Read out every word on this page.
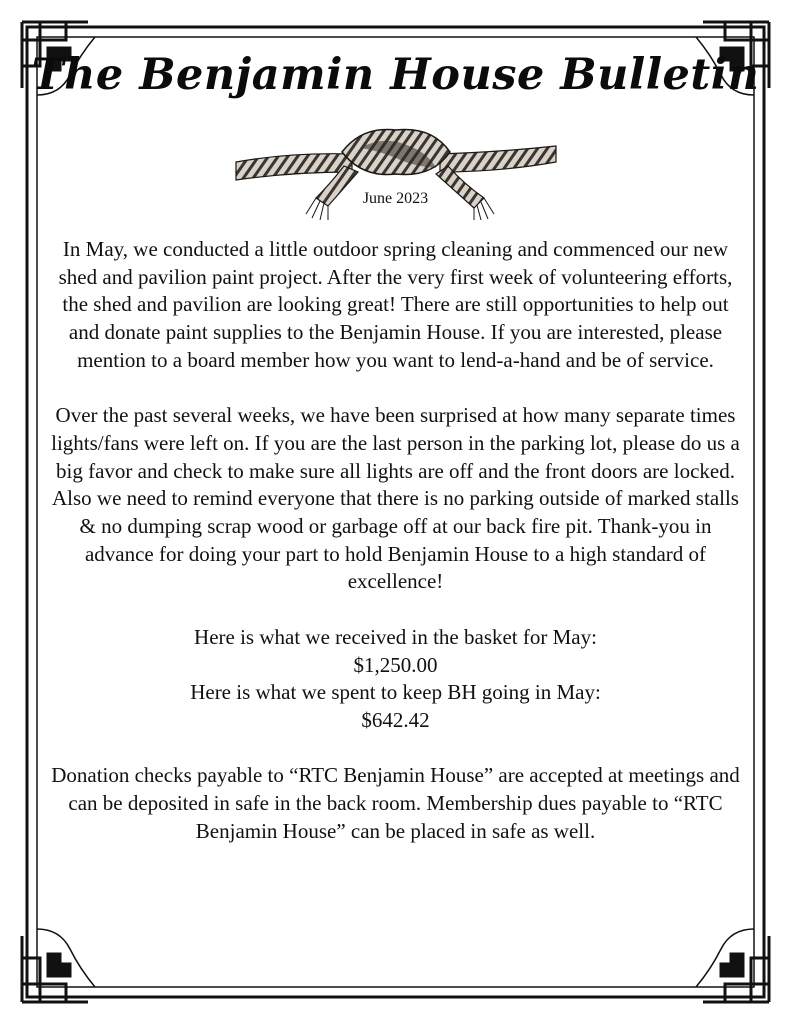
The Benjamin House Bulletin
June 2023

In May, we conducted a little outdoor spring cleaning and commenced our new shed and pavilion paint project. After the very first week of volunteering efforts, the shed and pavilion are looking great! There are still opportunities to help out and donate paint supplies to the Benjamin House. If you are interested, please mention to a board member how you want to lend-a-hand and be of service.

Over the past several weeks, we have been surprised at how many separate times lights/fans were left on. If you are the last person in the parking lot, please do us a big favor and check to make sure all lights are off and the front doors are locked. Also we need to remind everyone that there is no parking outside of marked stalls & no dumping scrap wood or garbage off at our back fire pit. Thank-you in advance for doing your part to hold Benjamin House to a high standard of excellence!

Here is what we received in the basket for May:
$1,250.00
Here is what we spent to keep BH going in May:
$642.42

Donation checks payable to “RTC Benjamin House” are accepted at meetings and can be deposited in safe in the back room. Membership dues payable to “RTC Benjamin House” can be placed in safe as well.
